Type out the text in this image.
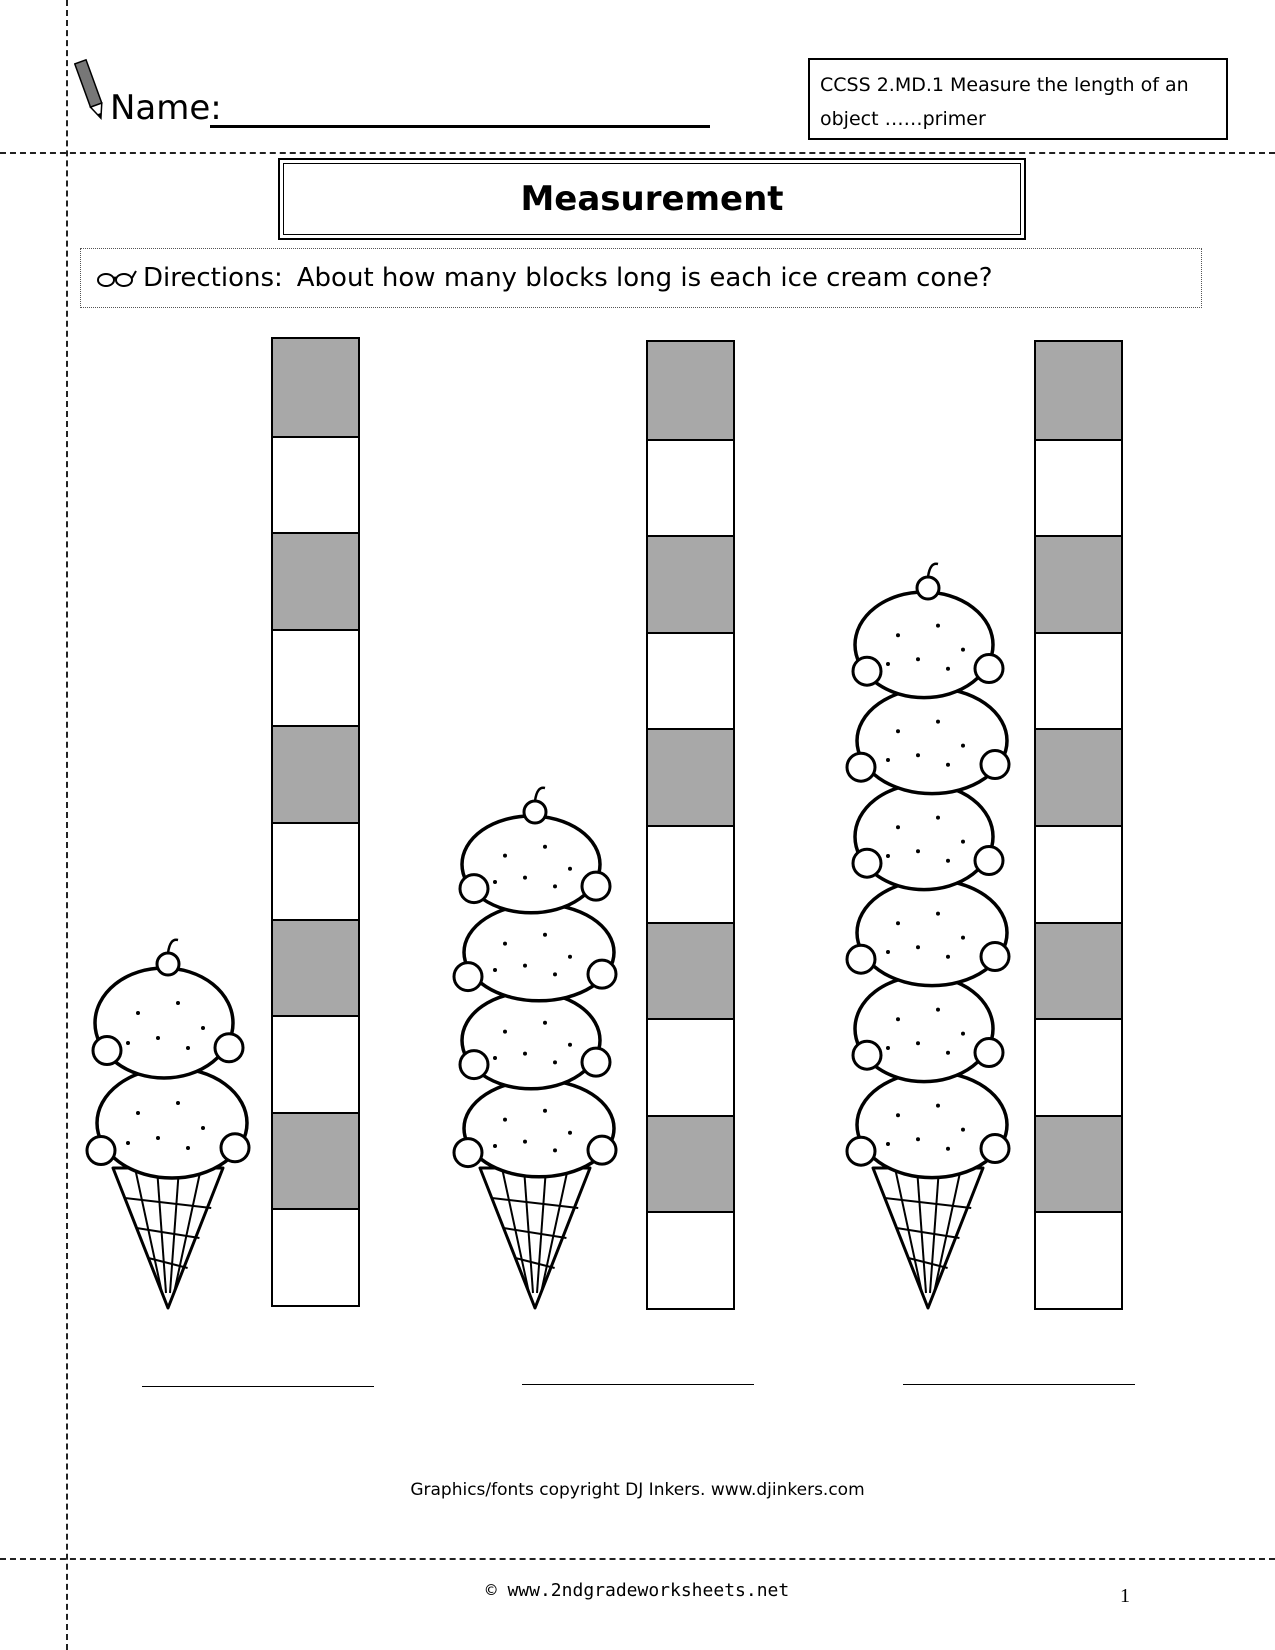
Name:
CCSS 2.MD.1 Measure the length of an object ……primer
Measurement
Directions: About how many blocks long is each ice cream cone?
Graphics/fonts copyright DJ Inkers. www.djinkers.com
© www.2ndgradeworksheets.net	1
